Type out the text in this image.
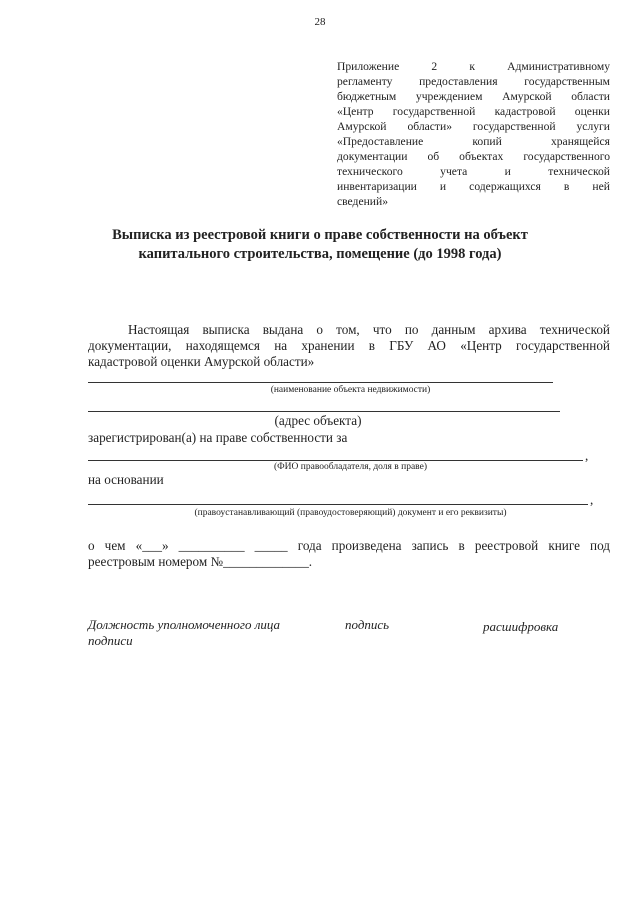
28
Приложение 2 к Административному
регламенту предоставления государственным
бюджетным учреждением Амурской области
«Центр государственной кадастровой оценки
Амурской области» государственной услуги
«Предоставление копий хранящейся
документации об объектах государственного
технического учета и технической
инвентаризации и содержащихся в ней
сведений»
Выписка из реестровой книги о праве собственности на объект
капитального строительства, помещение (до 1998 года)
Настоящая выписка выдана о том, что по данным архива технической
документации, находящемся на хранении в ГБУ АО «Центр государственной
кадастровой оценки Амурской области»
(наименование объекта недвижимости)
(адрес объекта)
зарегистрирован(а) на праве собственности за
,
(ФИО правообладателя, доля в праве)
на основании
,
(правоустанавливающий (правоудостоверяющий) документ и его реквизиты)
о чем «___» __________ _____ года произведена запись в реестровой книге под
реестровым номером №_____________.
Должность уполномоченного лица
подписи
подпись	расшифровка
